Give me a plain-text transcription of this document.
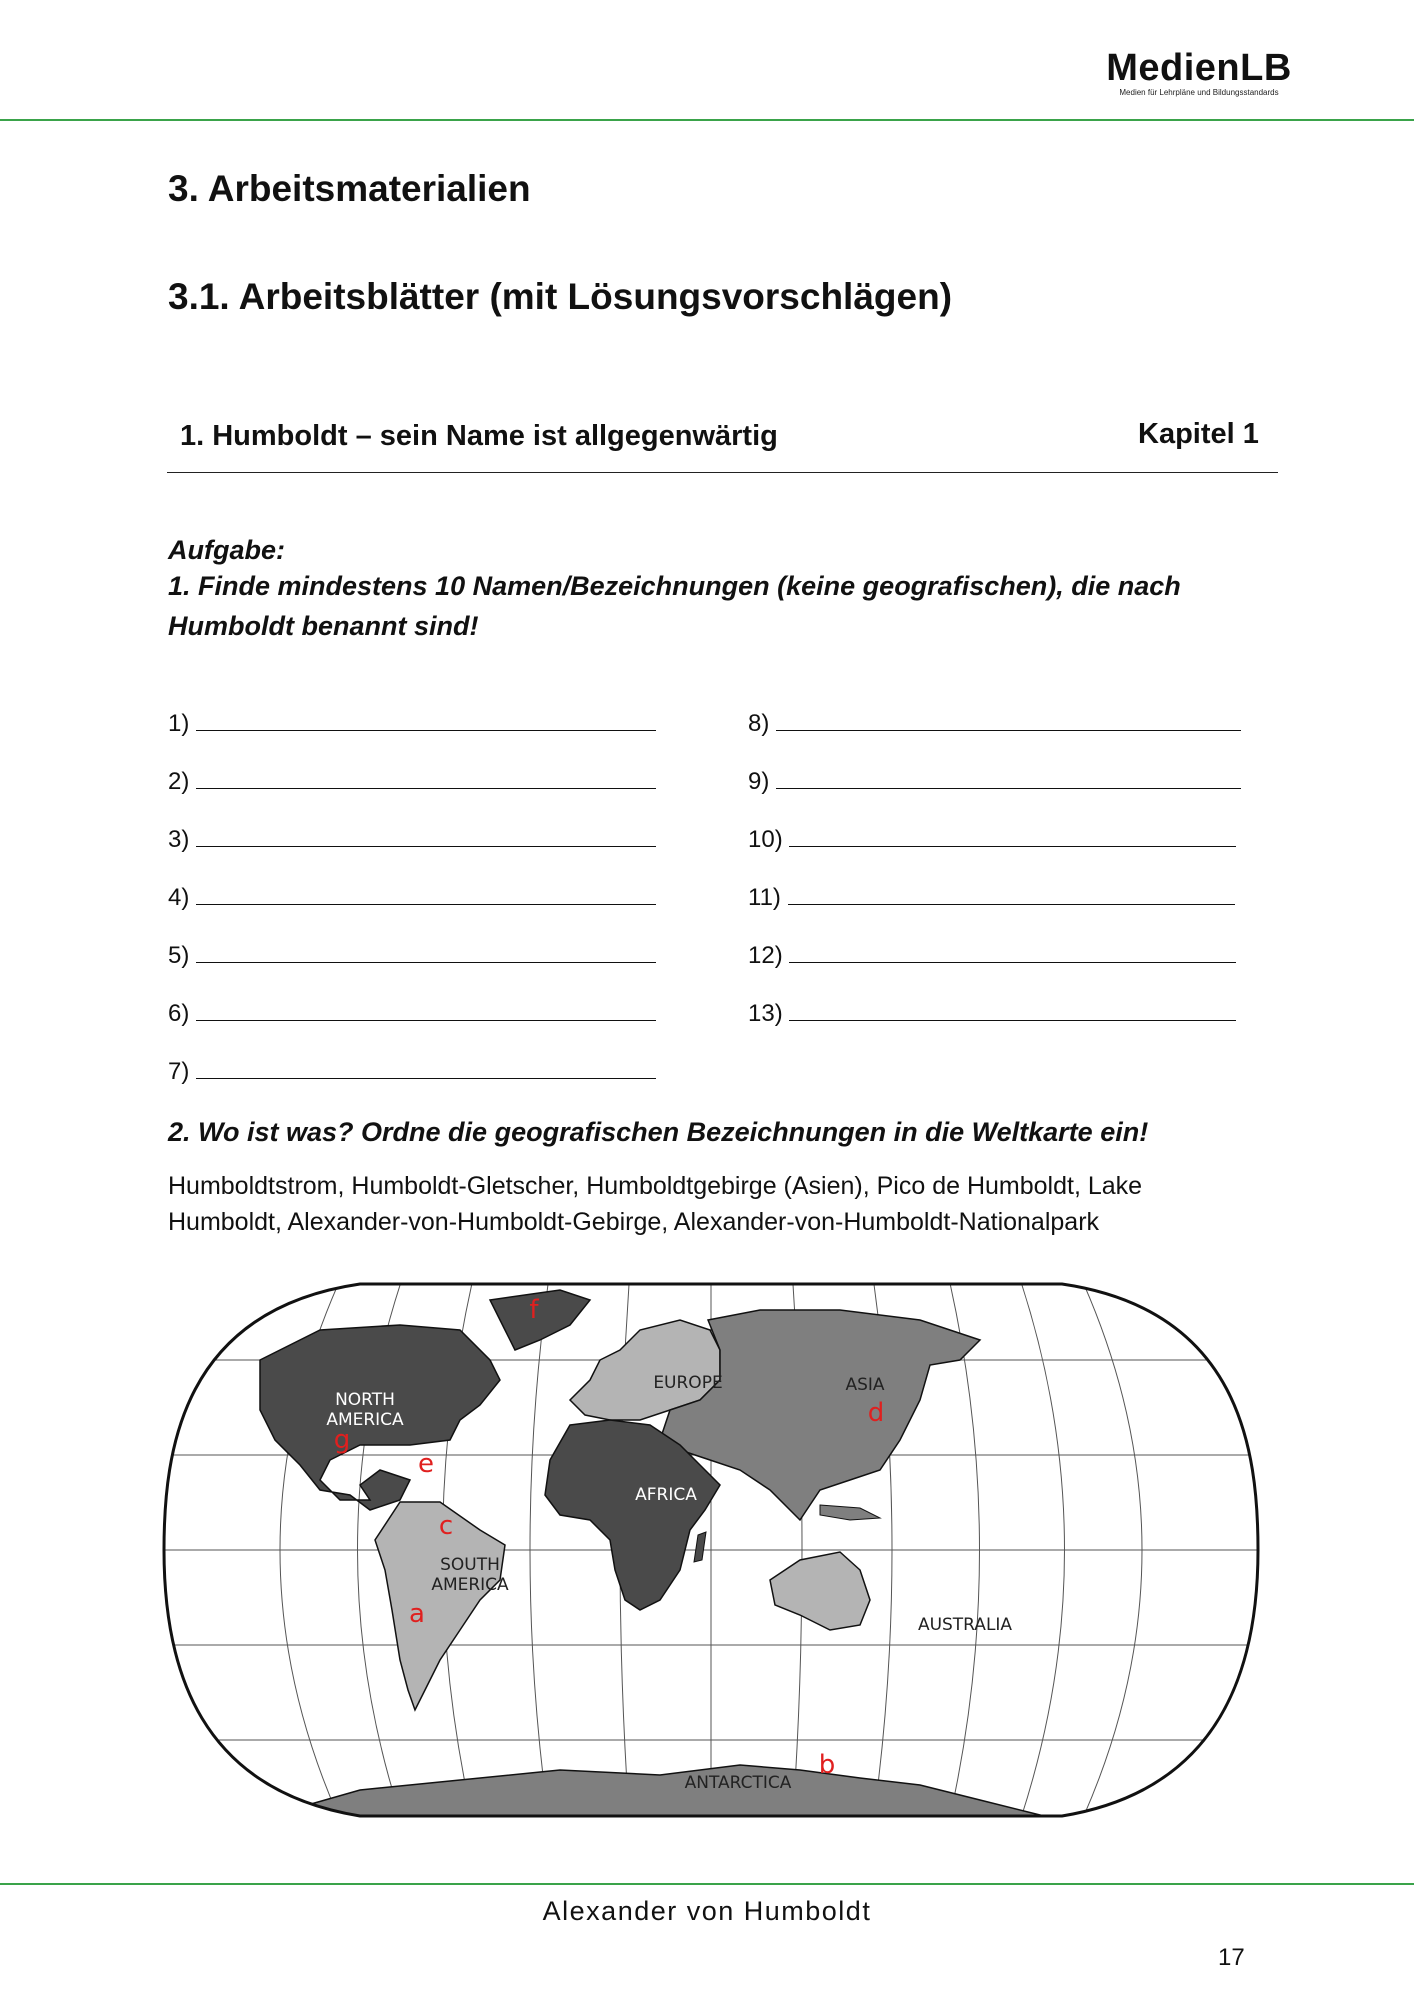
MedienLB
Medien für Lehrpläne und Bildungsstandards
3. Arbeitsmaterialien
3.1. Arbeitsblätter (mit Lösungsvorschlägen)
1. Humboldt – sein Name ist allgegenwärtig	Kapitel 1
Aufgabe:
1. Finde mindestens 10 Namen/Bezeichnungen (keine geografischen), die nach
Humboldt benannt sind!
1)
2)
3)
4)
5)
6)
7)
8)
9)
10)
11)
12)
13)
2. Wo ist was? Ordne die geografischen Bezeichnungen in die Weltkarte ein!
Humboldtstrom, Humboldt-Gletscher, Humboldtgebirge (Asien), Pico de Humboldt, Lake Humboldt, Alexander-von-Humboldt-Gebirge, Alexander-von-Humboldt-Nationalpark
NORTH
AMERICA
AFRICA
SOUTH
AMERICA
EUROPE	ASIA
AUSTRALIA
ANTARCTICA
a
b
c
d
e
f
g
Alexander von Humboldt
17
